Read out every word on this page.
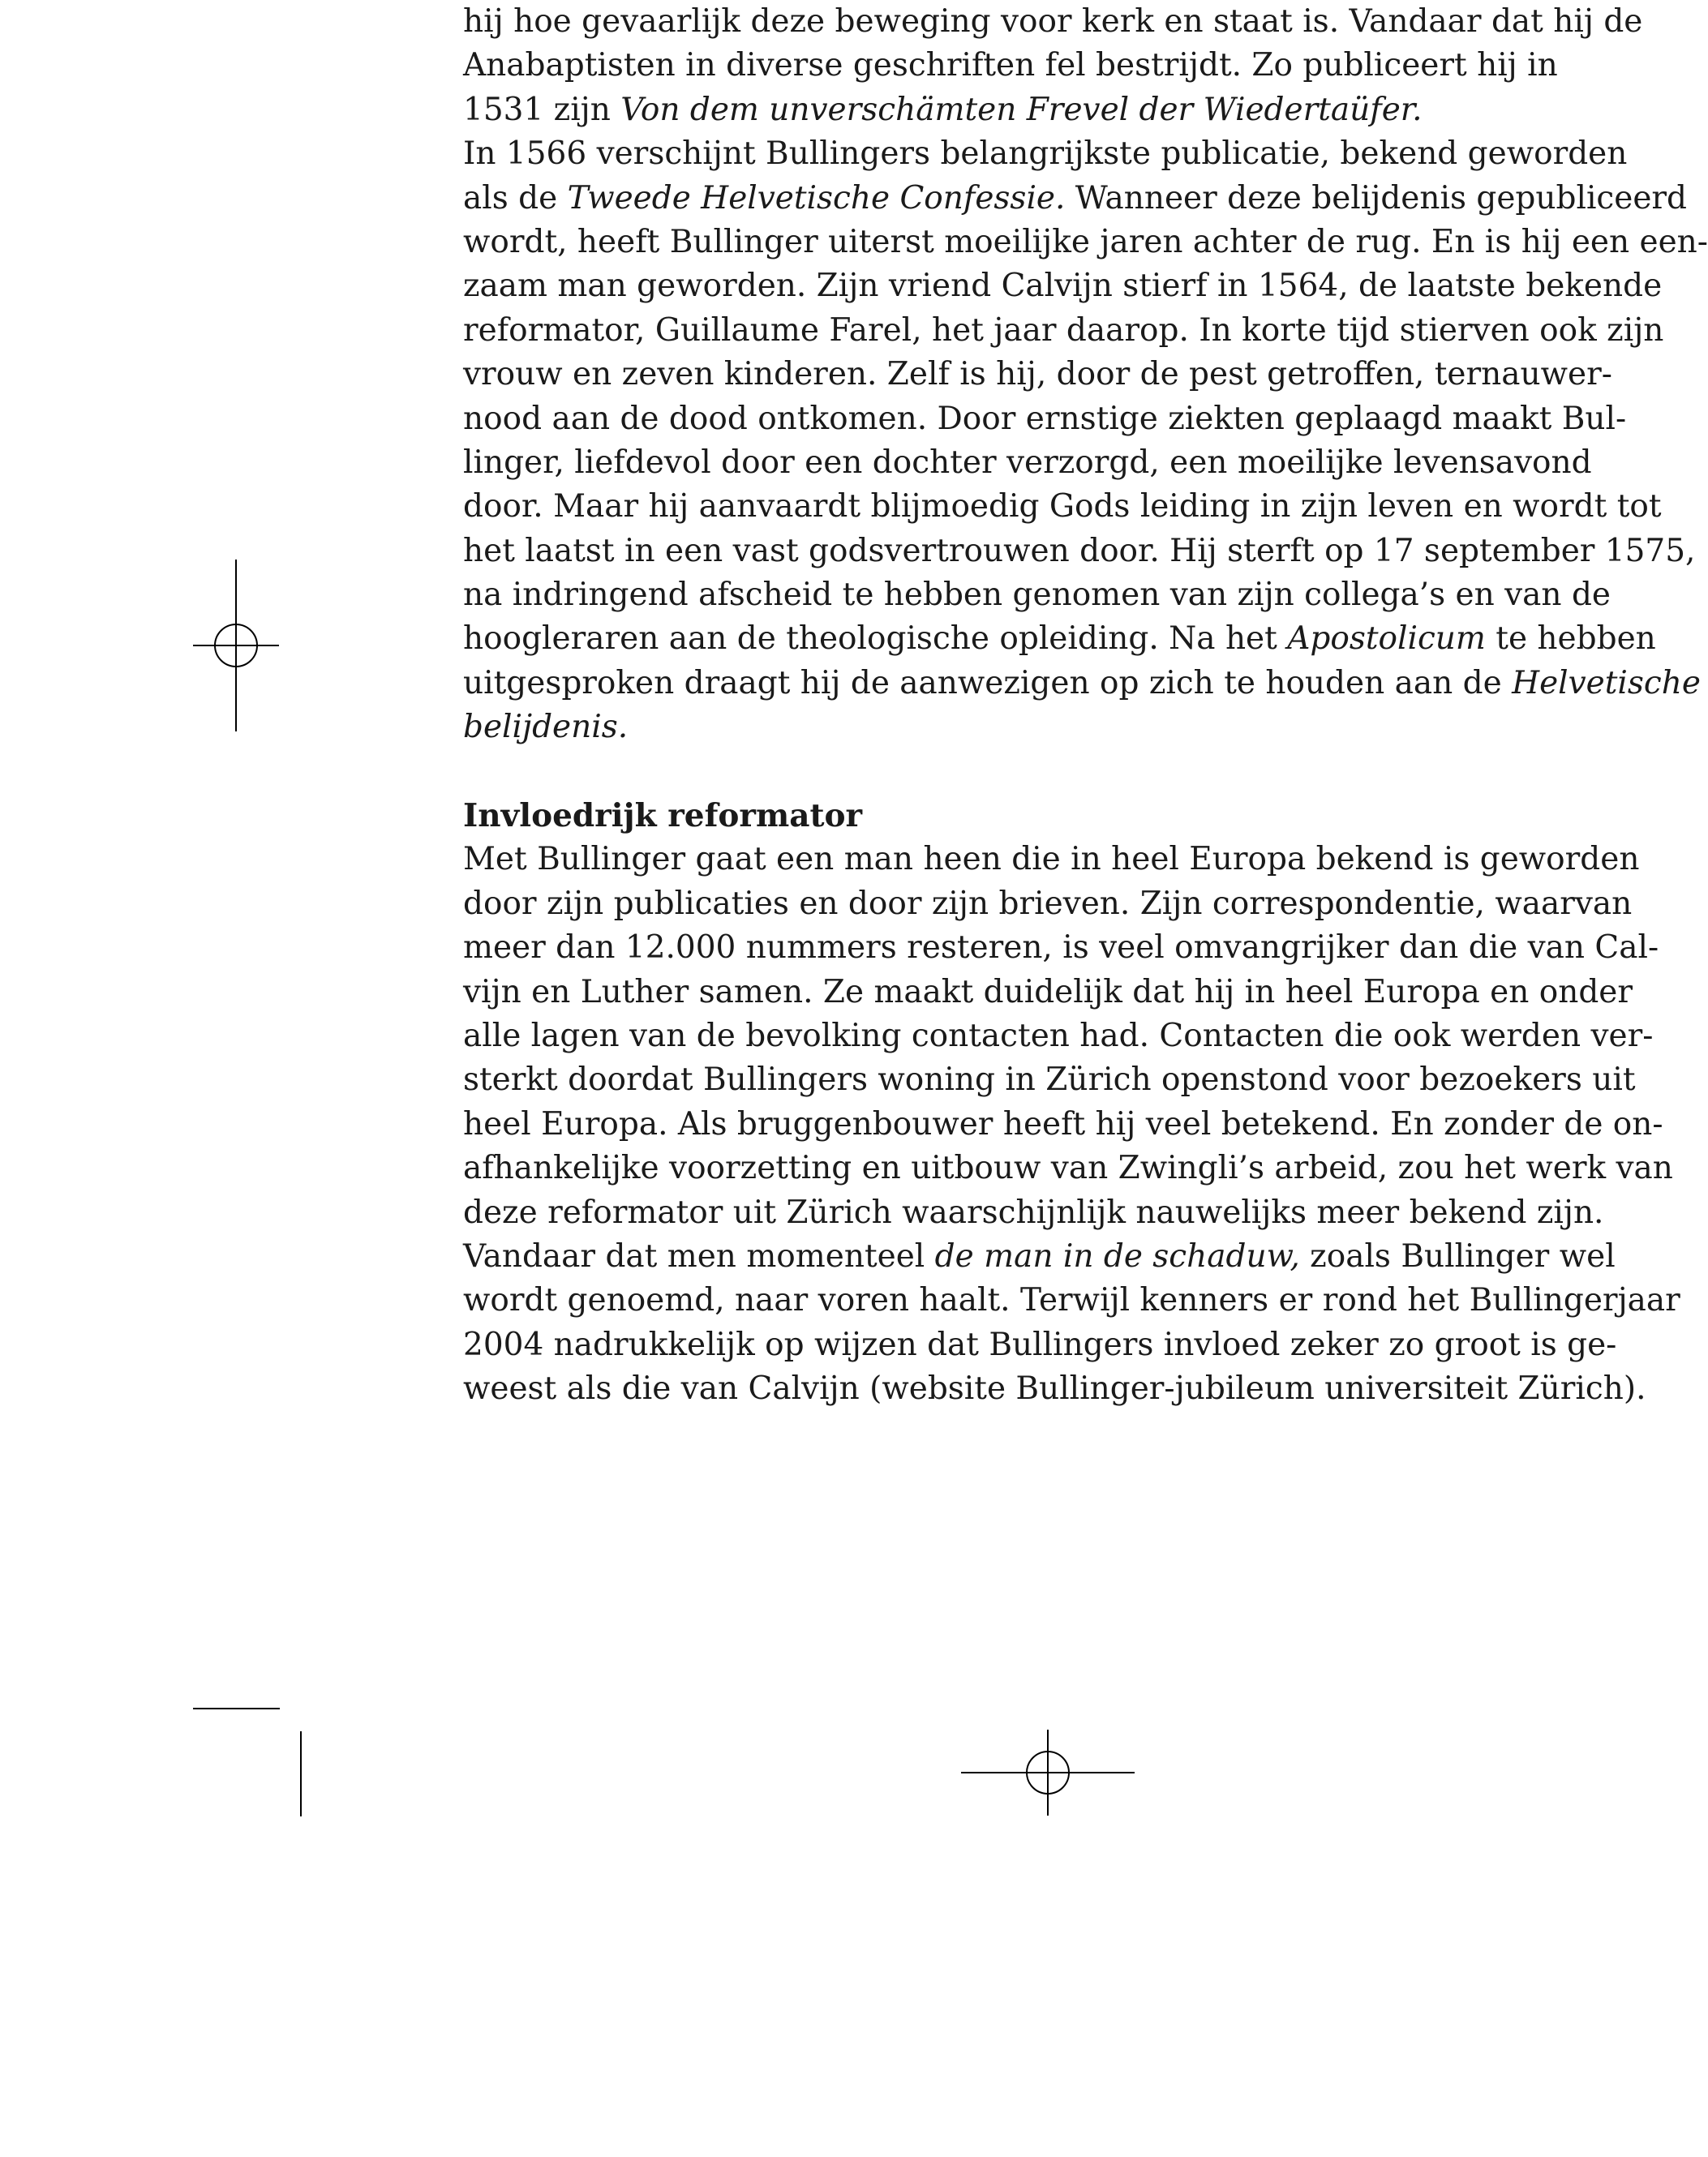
hij hoe gevaarlijk deze beweging voor kerk en staat is. Vandaar dat hij de
Anabaptisten in diverse geschriften fel bestrijdt. Zo publiceert hij in
1531 zijn Von dem unverschämten Frevel der Wiedertaüfer.
In 1566 verschijnt Bullingers belangrijkste publicatie, bekend geworden
als de Tweede Helvetische Confessie. Wanneer deze belijdenis gepubliceerd
wordt, heeft Bullinger uiterst moeilijke jaren achter de rug. En is hij een een-
zaam man geworden. Zijn vriend Calvijn stierf in 1564, de laatste bekende
reformator, Guillaume Farel, het jaar daarop. In korte tijd stierven ook zijn
vrouw en zeven kinderen. Zelf is hij, door de pest getroffen, ternauwer-
nood aan de dood ontkomen. Door ernstige ziekten geplaagd maakt Bul-
linger, liefdevol door een dochter verzorgd, een moeilijke levensavond
door. Maar hij aanvaardt blijmoedig Gods leiding in zijn leven en wordt tot
het laatst in een vast godsvertrouwen door. Hij sterft op 17 september 1575,
na indringend afscheid te hebben genomen van zijn collega’s en van de
hoogleraren aan de theologische opleiding. Na het Apostolicum te hebben
uitgesproken draagt hij de aanwezigen op zich te houden aan de Helvetische
belijdenis.
Invloedrijk reformator
Met Bullinger gaat een man heen die in heel Europa bekend is geworden
door zijn publicaties en door zijn brieven. Zijn correspondentie, waarvan
meer dan 12.000 nummers resteren, is veel omvangrijker dan die van Cal-
vijn en Luther samen. Ze maakt duidelijk dat hij in heel Europa en onder
alle lagen van de bevolking contacten had. Contacten die ook werden ver-
sterkt doordat Bullingers woning in Zürich openstond voor bezoekers uit
heel Europa. Als bruggenbouwer heeft hij veel betekend. En zonder de on-
afhankelijke voorzetting en uitbouw van Zwingli’s arbeid, zou het werk van
deze reformator uit Zürich waarschijnlijk nauwelijks meer bekend zijn.
Vandaar dat men momenteel de man in de schaduw, zoals Bullinger wel
wordt genoemd, naar voren haalt. Terwijl kenners er rond het Bullingerjaar
2004 nadrukkelijk op wijzen dat Bullingers invloed zeker zo groot is ge-
weest als die van Calvijn (website Bullinger-jubileum universiteit Zürich).
